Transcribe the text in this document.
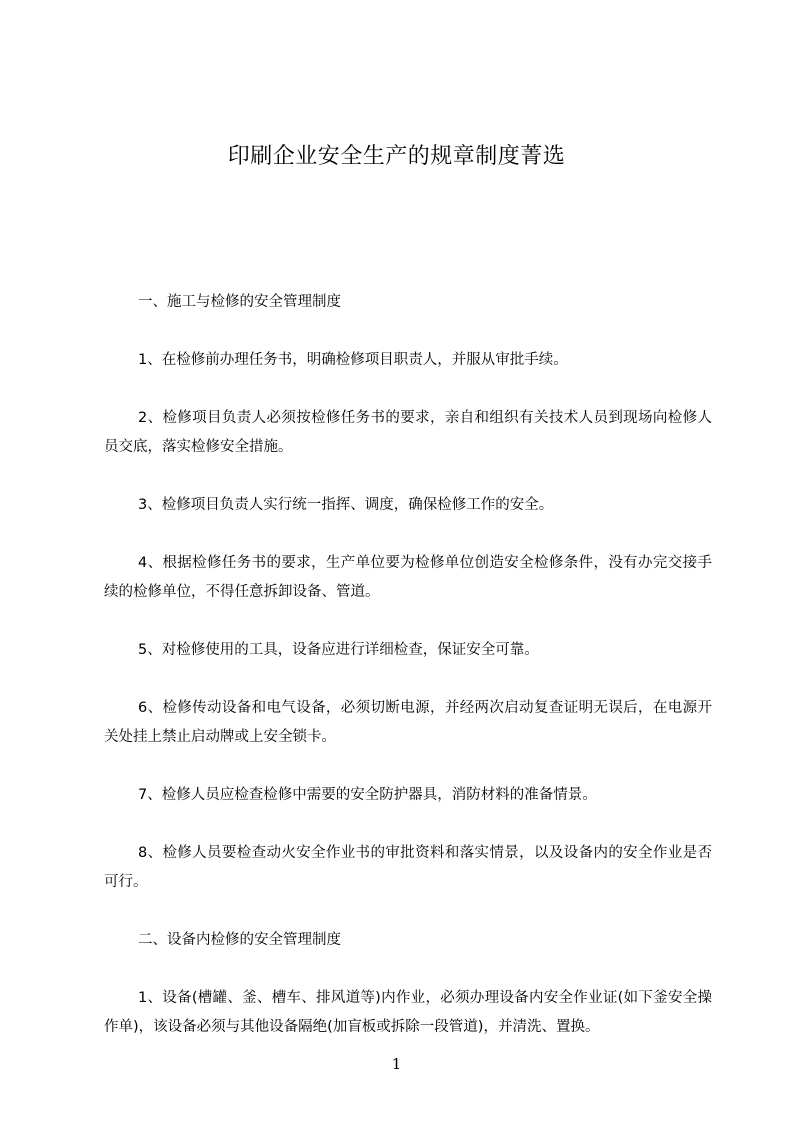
印刷企业安全生产的规章制度菁选

一、施工与检修的安全管理制度

1、在检修前办理任务书，明确检修项目职责人，并服从审批手续。

2、检修项目负责人必须按检修任务书的要求，亲自和组织有关技术人员到现场向检修人员交底，落实检修安全措施。

3、检修项目负责人实行统一指挥、调度，确保检修工作的安全。

4、根据检修任务书的要求，生产单位要为检修单位创造安全检修条件，没有办完交接手续的检修单位，不得任意拆卸设备、管道。

5、对检修使用的工具，设备应进行详细检查，保证安全可靠。

6、检修传动设备和电气设备，必须切断电源，并经两次启动复查证明无误后，在电源开关处挂上禁止启动牌或上安全锁卡。

7、检修人员应检查检修中需要的安全防护器具，消防材料的准备情景。

8、检修人员要检查动火安全作业书的审批资料和落实情景，以及设备内的安全作业是否可行。

二、设备内检修的安全管理制度

1、设备(槽罐、釜、槽车、排风道等)内作业，必须办理设备内安全作业证(如下釜安全操作单)，该设备必须与其他设备隔绝(加盲板或拆除一段管道)，并清洗、置换。

1
